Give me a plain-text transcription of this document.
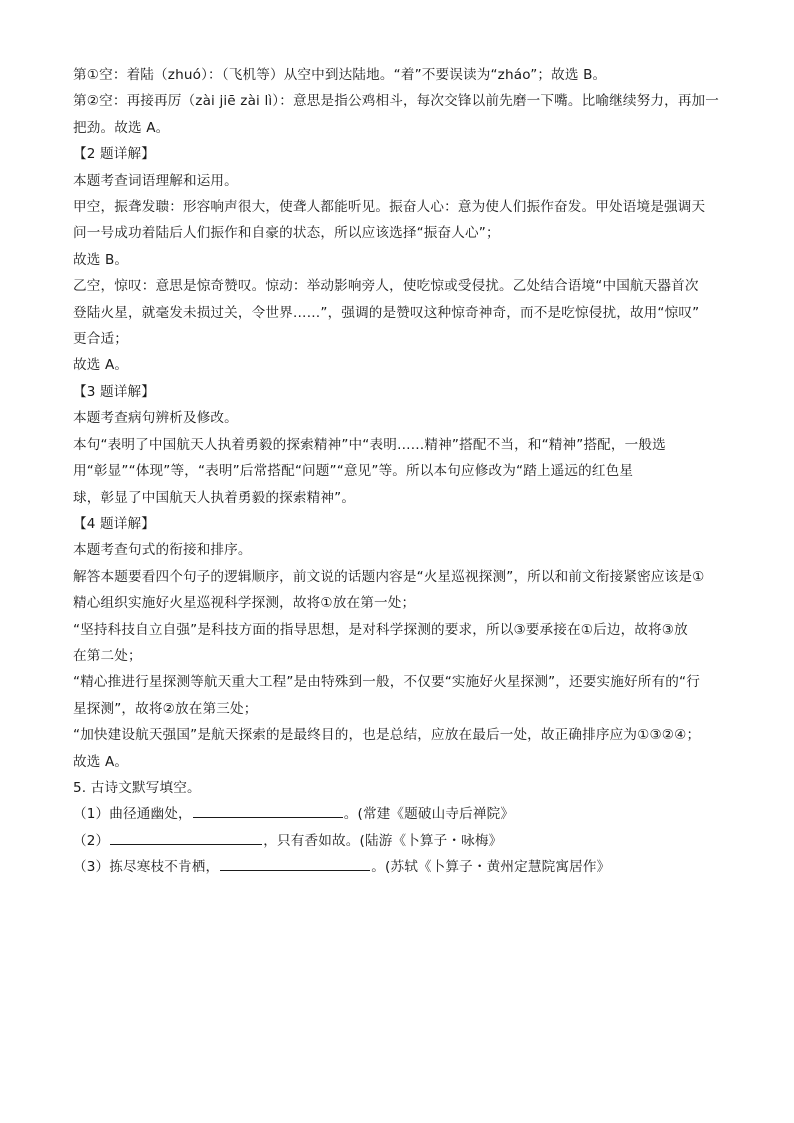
第①空：着陆（zhuó）：（飞机等）从空中到达陆地。“着”不要误读为“zháo”；故选 B。
第②空：再接再厉（zài jiē zài lì）：意思是指公鸡相斗，每次交锋以前先磨一下嘴。比喻继续努力，再加一
把劲。故选 A。
【2 题详解】
本题考查词语理解和运用。
甲空，振聋发聩：形容响声很大，使聋人都能听见。振奋人心：意为使人们振作奋发。甲处语境是强调天
问一号成功着陆后人们振作和自豪的状态，所以应该选择“振奋人心”；
故选 B。
乙空，惊叹：意思是惊奇赞叹。惊动：举动影响旁人，使吃惊或受侵扰。乙处结合语境“中国航天器首次
登陆火星，就毫发未损过关，令世界……”，强调的是赞叹这种惊奇神奇，而不是吃惊侵扰，故用“惊叹”
更合适；
故选 A。
【3 题详解】
本题考查病句辨析及修改。
本句“表明了中国航天人执着勇毅的探索精神”中“表明……精神”搭配不当，和“精神”搭配，一般选
用“彰显”“体现”等，“表明”后常搭配“问题”“意见”等。所以本句应修改为“踏上遥远的红色星
球，彰显了中国航天人执着勇毅的探索精神”。
【4 题详解】
本题考查句式的衔接和排序。
解答本题要看四个句子的逻辑顺序，前文说的话题内容是“火星巡视探测”，所以和前文衔接紧密应该是①
精心组织实施好火星巡视科学探测，故将①放在第一处；
“坚持科技自立自强”是科技方面的指导思想，是对科学探测的要求，所以③要承接在①后边，故将③放
在第二处；
“精心推进行星探测等航天重大工程”是由特殊到一般，不仅要“实施好火星探测”，还要实施好所有的“行
星探测”，故将②放在第三处；
“加快建设航天强国”是航天探索的是最终目的，也是总结，应放在最后一处，故正确排序应为①③②④；
故选 A。
5. 古诗文默写填空。
（1）曲径通幽处，	。(常建《题破山寺后禅院》
（2）	，只有香如故。(陆游《卜算子・咏梅》
（3）拣尽寒枝不肯栖，	。(苏轼《卜算子・黄州定慧院寓居作》
